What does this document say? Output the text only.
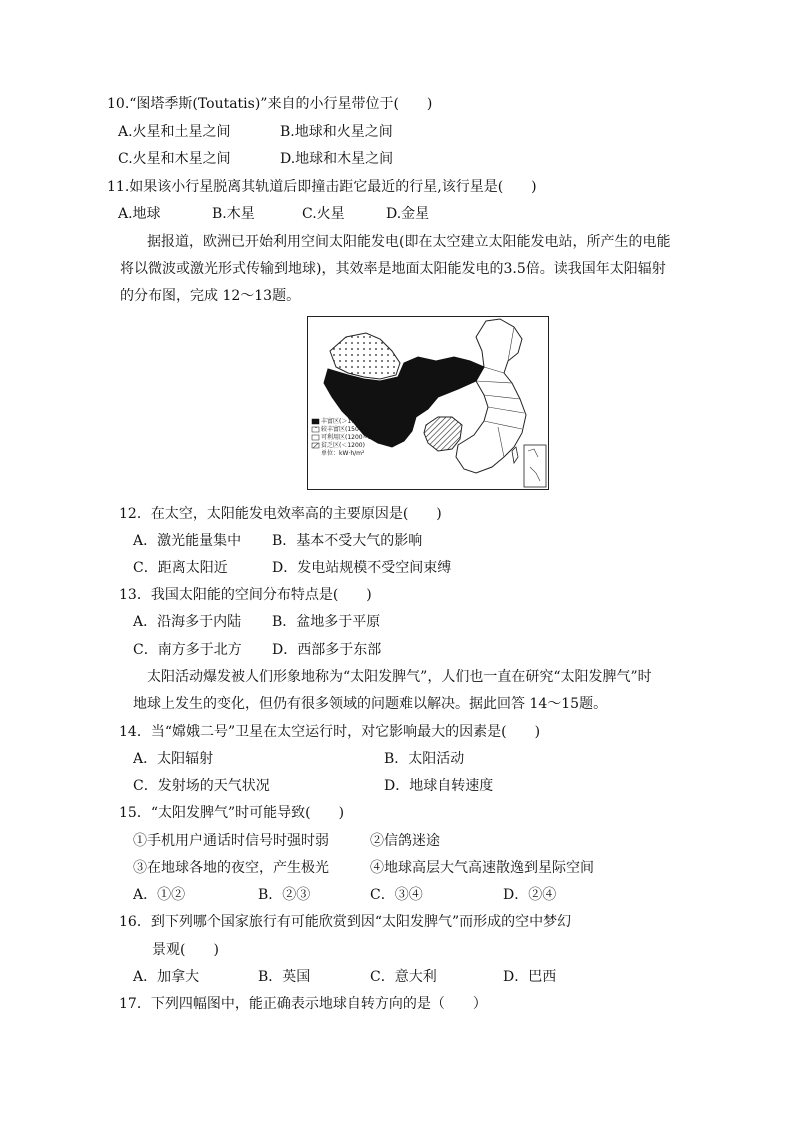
10.“图塔季斯(Toutatis)”来自的小行星带位于(　　)
A.火星和土星之间	B.地球和火星之间
C.火星和木星之间	D.地球和木星之间
11.如果该小行星脱离其轨道后即撞击距它最近的行星,该行星是(　　)
A.地球	B.木星	C.火星	D.金星
据报道，欧洲已开始利用空间太阳能发电(即在太空建立太阳能发电站，所产生的电能
将以微波或激光形式传输到地球)，其效率是地面太阳能发电的3.5倍。读我国年太阳辐射
的分布图，完成 12～13题。
丰富区(＞1700)
较丰富区(1500~1700)
可利用区(1200~1500)
贫乏区(＜1200)
单位：kW·h/m²
12．在太空，太阳能发电效率高的主要原因是(　　)
A．激光能量集中 B．基本不受大气的影响
C．距离太阳近	D．发电站规模不受空间束缚
13．我国太阳能的空间分布特点是(　　)
A．沿海多于内陆 B．盆地多于平原
C．南方多于北方 D．西部多于东部
太阳活动爆发被人们形象地称为“太阳发脾气”，人们也一直在研究“太阳发脾气”时
地球上发生的变化，但仍有很多领域的问题难以解决。据此回答 14～15题。
14．当“嫦娥二号”卫星在太空运行时，对它影响最大的因素是(　　)
A．太阳辐射	B．太阳活动
C．发射场的天气状况	D．地球自转速度
15．“太阳发脾气”时可能导致(　　)
①手机用户通话时信号时强时弱	②信鸽迷途
③在地球各地的夜空，产生极光	④地球高层大气高速散逸到星际空间
A．①②	B．②③	C．③④	D．②④
16．到下列哪个国家旅行有可能欣赏到因“太阳发脾气”而形成的空中梦幻
景观(　　)
A．加拿大	B．英国	C．意大利	D．巴西
17．下列四幅图中，能正确表示地球自转方向的是（　　）
